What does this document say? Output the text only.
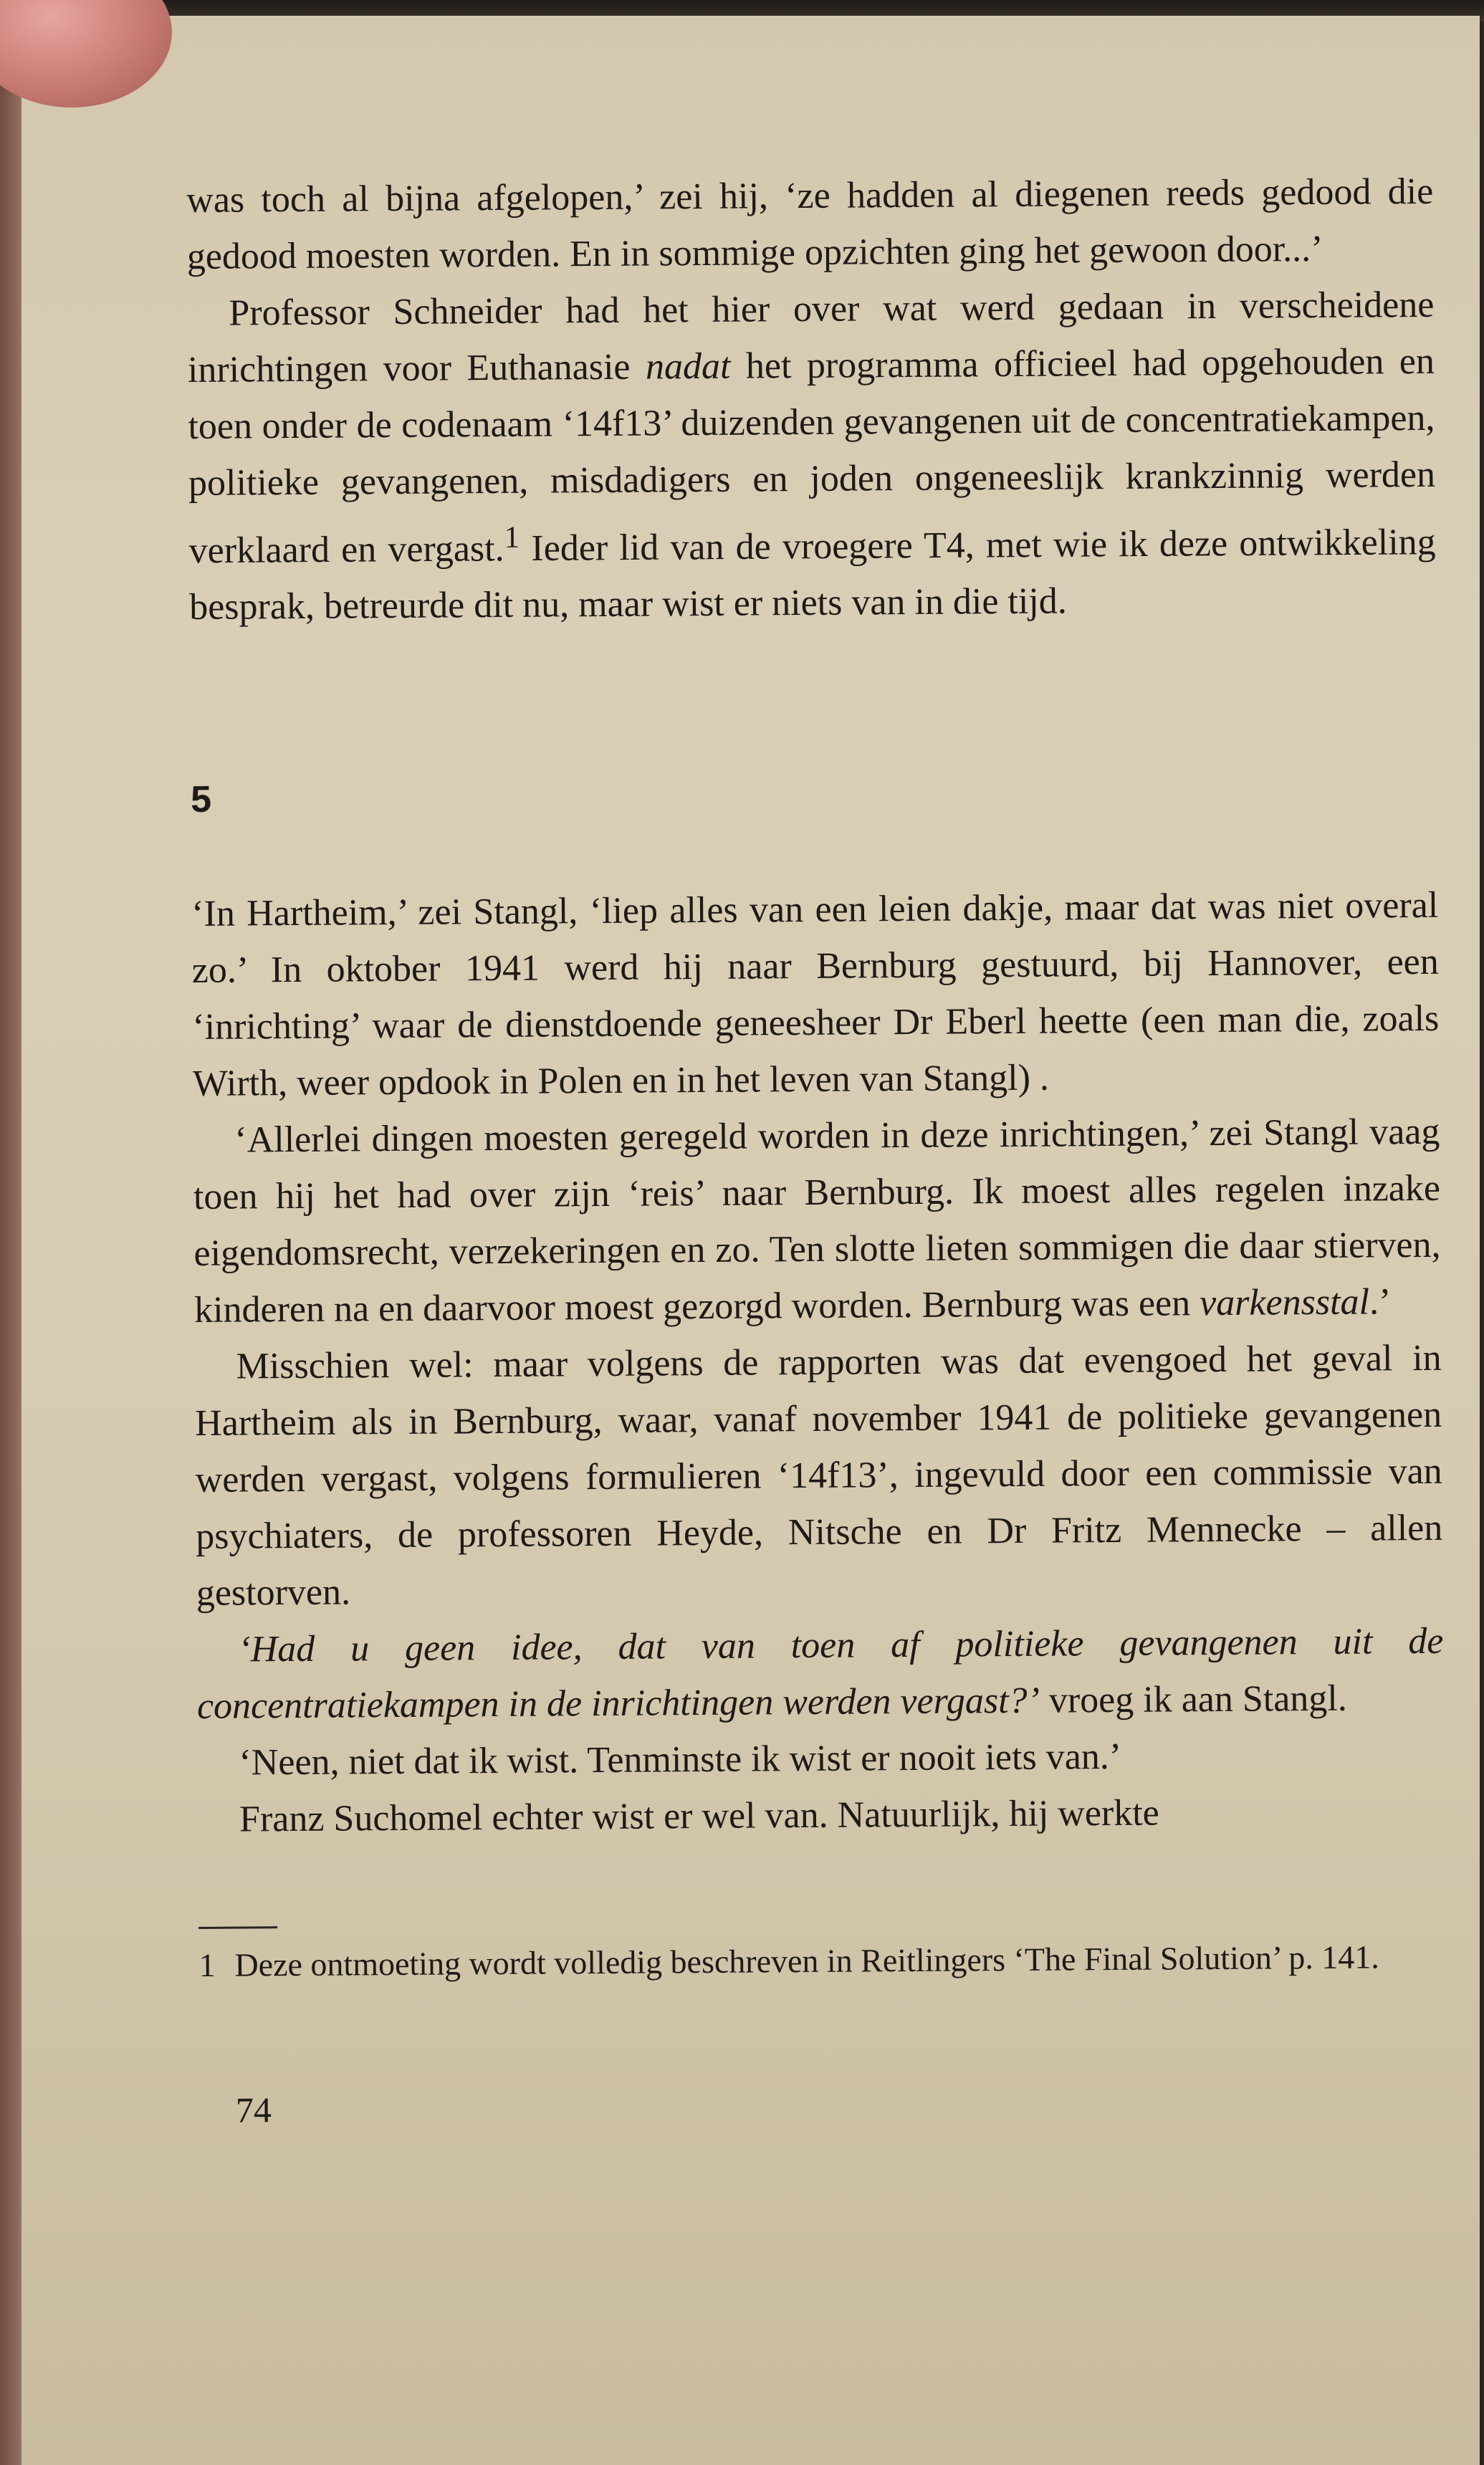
was toch al bijna afgelopen,’ zei hij, ‘ze hadden al diegenen reeds gedood die gedood moesten worden. En in sommige opzichten ging het gewoon door...’

Professor Schneider had het hier over wat werd gedaan in verscheidene inrichtingen voor Euthanasie nadat het programma officieel had opgehouden en toen onder de codenaam ‘14f13’ duizenden gevangenen uit de concentratiekampen, politieke gevangenen, misdadigers en joden ongeneeslijk krankzinnig werden verklaard en vergast.$^1$ Ieder lid van de vroegere T4, met wie ik deze ontwikkeling besprak, betreurde dit nu, maar wist er niets van in die tijd.

5

‘In Hartheim,’ zei Stangl, ‘liep alles van een leien dakje, maar dat was niet overal zo.’ In oktober 1941 werd hij naar Bernburg gestuurd, bij Hannover, een ‘inrichting’ waar de dienstdoende geneesheer Dr Eberl heette (een man die, zoals Wirth, weer opdook in Polen en in het leven van Stangl) .

‘Allerlei dingen moesten geregeld worden in deze inrichtingen,’ zei Stangl vaag toen hij het had over zijn ‘reis’ naar Bernburg. Ik moest alles regelen inzake eigendomsrecht, verzekeringen en zo. Ten slotte lieten sommigen die daar stierven, kinderen na en daarvoor moest gezorgd worden. Bernburg was een varkensstal.’

Misschien wel: maar volgens de rapporten was dat evengoed het geval in Hartheim als in Bernburg, waar, vanaf november 1941 de politieke gevangenen werden vergast, volgens formulieren ‘14f13’, ingevuld door een commissie van psychiaters, de professoren Heyde, Nitsche en Dr Fritz Mennecke – allen gestorven.

‘Had u geen idee, dat van toen af politieke gevangenen uit de concentratiekampen in de inrichtingen werden vergast?’ vroeg ik aan Stangl.

‘Neen, niet dat ik wist. Tenminste ik wist er nooit iets van.’

Franz Suchomel echter wist er wel van. Natuurlijk, hij werkte

1 Deze ontmoeting wordt volledig beschreven in Reitlingers ‘The Final Solution’ p. 141.

74
